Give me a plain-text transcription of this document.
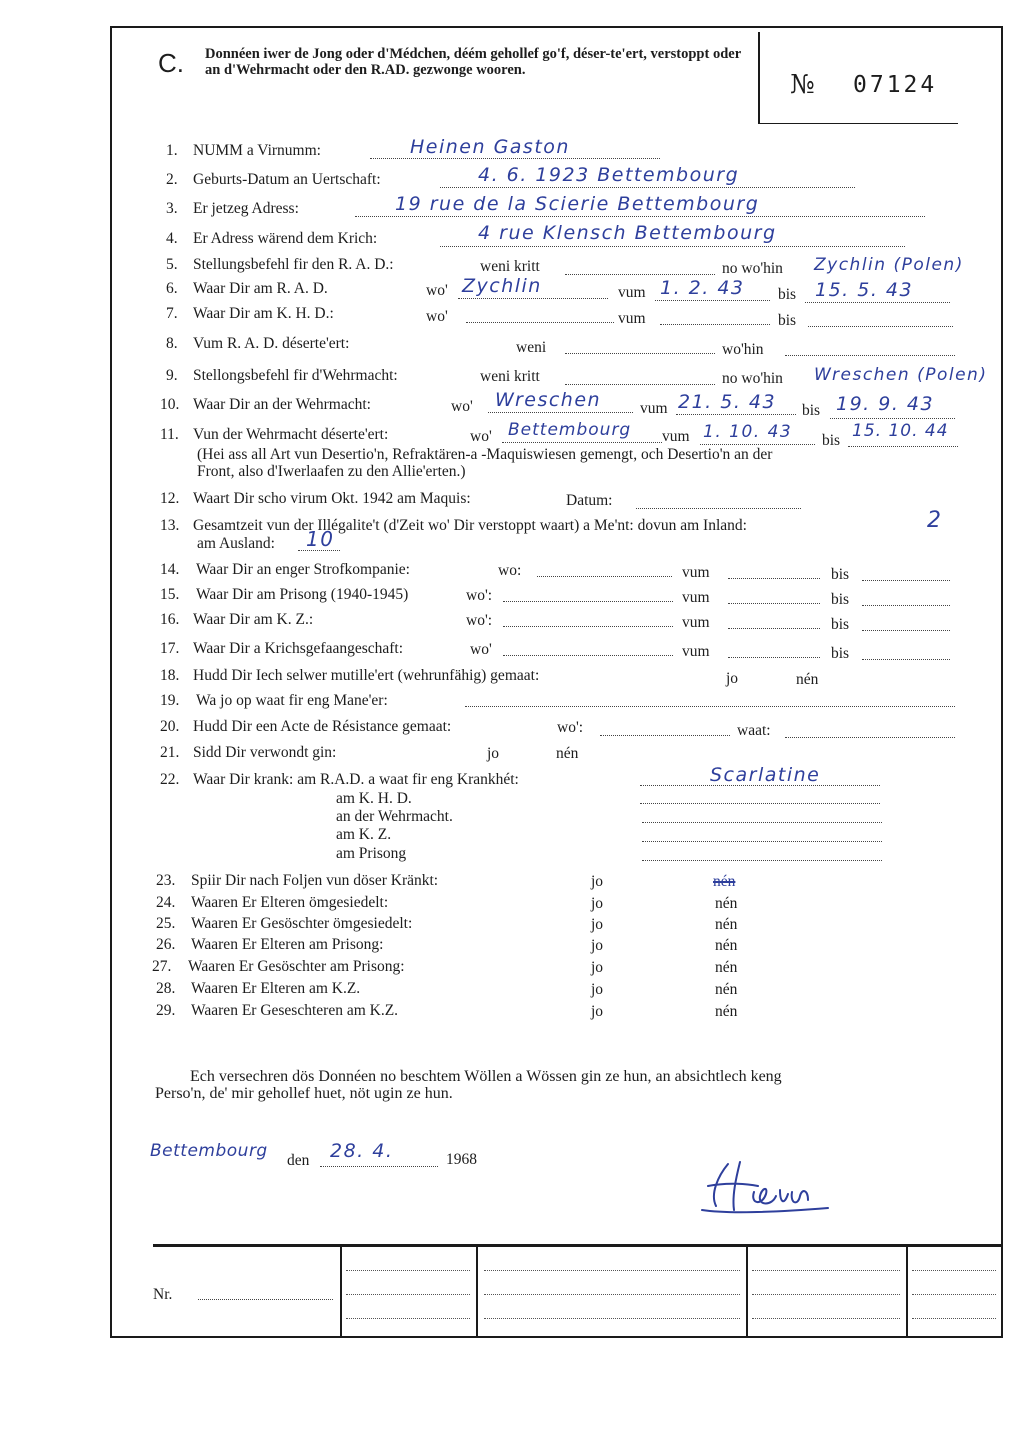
C. Donnéen iwer de Jong oder d'Médchen, déém gehollef go'f, déser-te'ert, verstoppt oder an d'Wehrmacht oder den R.AD. gezwonge wooren.	№ 07124
1. NUMM a Virnumm:	Heinen Gaston
2. Geburts-Datum an Uertschaft:	4. 6. 1923 Bettembourg
3. Er jetzeg Adress:	19 rue de la Scierie Bettembourg
4. Er Adress wärend dem Krich:	4 rue Klensch Bettembourg
5. Stellungsbefehl fir den R. A. D.:	weni kritt	no wo'hin Zychlin (Polen)
6. Waar Dir am R. A. D.	wo' Zychlin	vum 1. 2. 43 bis 15. 5. 43
7. Waar Dir am K. H. D.:	wo'	vum	bis
8. Vum R. A. D. déserte'ert:	weni	wo'hin
9. Stellongsbefehl fir d'Wehrmacht:	weni kritt	no wo'hin Wreschen (Polen)
10. Waar Dir an der Wehrmacht:	wo' Wreschen	vum 21. 5. 43 bis 19. 9. 43
11. Vun der Wehrmacht déserte'ert:	wo' Bettembourg vum 1. 10. 43 bis 15. 10. 44
(Hei ass all Art vun Desertio'n, Refraktären-a -Maquiswiesen gemengt, och Desertio'n an der
Front, also d'Iwerlaafen zu den Allie'erten.)
12. Waart Dir scho virum Okt. 1942 am Maquis:	Datum:
13. Gesamtzeit vun der Illégalite't (d'Zeit wo' Dir verstoppt waart) a Me'nt: dovun am Inland:	2
am Ausland: 10
14. Waar Dir an enger Strofkompanie:	wo:	vum	bis
15. Waar Dir am Prisong (1940-1945)	wo':	vum	bis
16. Waar Dir am K. Z.:	wo':	vum	bis
17. Waar Dir a Krichsgefaangeschaft:	wo'	vum	bis
18. Hudd Dir Iech selwer mutille'ert (wehrunfähig) gemaat:	jo	nén
19. Wa jo op waat fir eng Mane'er:
20. Hudd Dir een Acte de Résistance gemaat:	wo':	waat:
21. Sidd Dir verwondt gin:	jo	nén
22. Waar Dir krank: am R.A.D. a waat fir eng Krankhét:	Scarlatine
am K. H. D.
an der Wehrmacht.
am K. Z.
am Prisong
23. Spiir Dir nach Foljen vun döser Kränkt:	jo	nén
24. Waaren Er Elteren ömgesiedelt:	jo	nén
25. Waaren Er Gesöschter ömgesiedelt:	jo	nén
26. Waaren Er Elteren am Prisong:	jo	nén
27. Waaren Er Gesöschter am Prisong:	jo	nén
28. Waaren Er Elteren am K.Z.	jo	nén
29. Waaren Er Geseschteren am K.Z.	jo	nén
Ech versechren dös Donnéen no beschtem Wöllen a Wössen gin ze hun, an absichtlech keng
Perso'n, de' mir gehollef huet, nöt ugin ze hun.
Bettembourg den 28. 4.	1968
Nr.
